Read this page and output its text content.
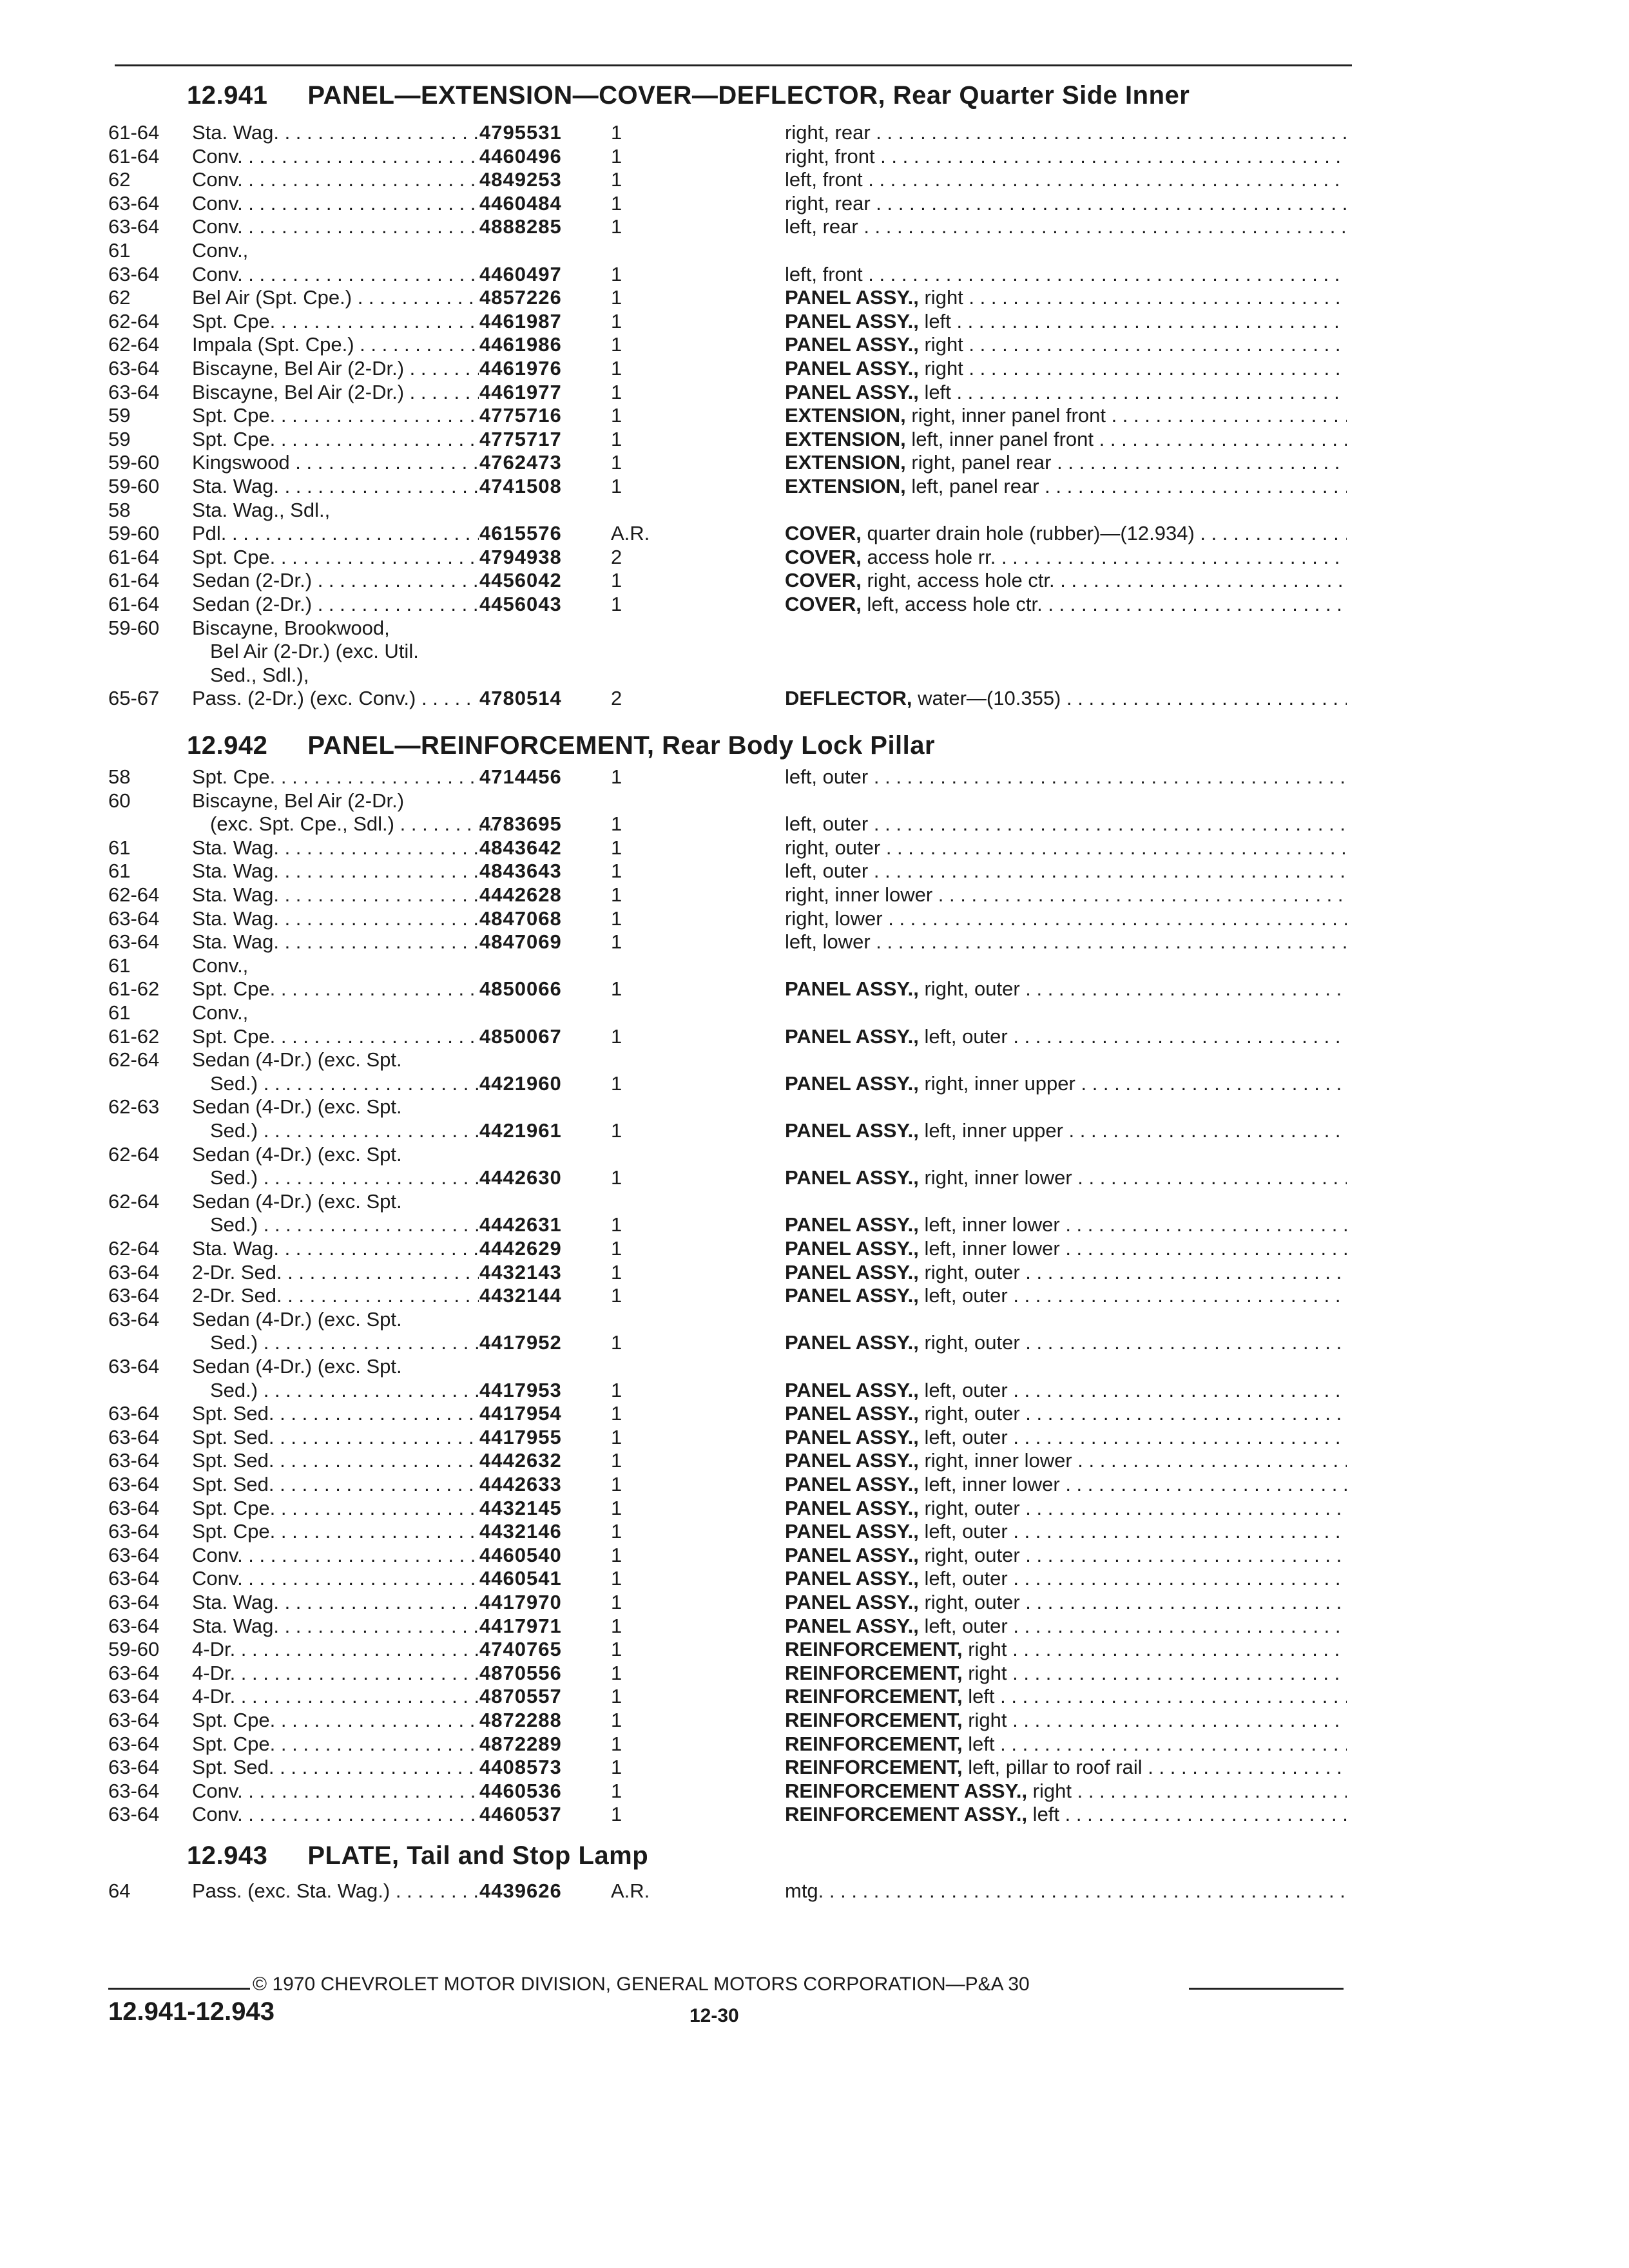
12.941 PANEL—EXTENSION—COVER—DEFLECTOR, Rear Quarter Side Inner
61-64 Sta. Wag. . . .	4795531 1	right, rear . . .
61-64 Conv. . . .	4460496 1	right, front . . .
62	Conv. . . .	4849253 1	left, front . . .
63-64 Conv. . . .	4460484 1	right, rear . . .
63-64 Conv. . . .	4888285 1	left, rear . . .
61	Conv.,
63-64 Conv. . . .	4460497 1	left, front . . .
62	Bel Air (Spt. Cpe.) . . .	4857226 1	PANEL ASSY., right . . .
62-64 Spt. Cpe. . . .	4461987 1	PANEL ASSY., left . . .
62-64 Impala (Spt. Cpe.) . . .	4461986 1	PANEL ASSY., right . . .
63-64 Biscayne, Bel Air (2-Dr.) . . .	4461976 1	PANEL ASSY., right . . .
63-64 Biscayne, Bel Air (2-Dr.) . . .	4461977 1	PANEL ASSY., left . . .
59	Spt. Cpe. . . .	4775716 1	EXTENSION, right, inner panel front . . .
59	Spt. Cpe. . . .	4775717 1	EXTENSION, left, inner panel front . . .
59-60 Kingswood . . .	4762473 1	EXTENSION, right, panel rear . . .
59-60 Sta. Wag. . . .	4741508 1	EXTENSION, left, panel rear . . .
58	Sta. Wag., Sdl.,
59-60 Pdl. . . .	4615576 A.R.	COVER, quarter drain hole (rubber)—(12.934) . . .
61-64 Spt. Cpe. . . .	4794938 2	COVER, access hole rr. . . .
61-64 Sedan (2-Dr.) . . .	4456042 1	COVER, right, access hole ctr. . . .
61-64 Sedan (2-Dr.) . . .	4456043 1	COVER, left, access hole ctr. . . .
59-60 Biscayne, Brookwood,
Bel Air (2-Dr.) (exc. Util.
Sed., Sdl.),
65-67 Pass. (2-Dr.) (exc. Conv.) . . .	4780514 2	DEFLECTOR, water—(10.355) . . .
12.942 PANEL—REINFORCEMENT, Rear Body Lock Pillar
58	Spt. Cpe. . . .	4714456 1	left, outer . . .
60	Biscayne, Bel Air (2-Dr.)
(exc. Spt. Cpe., Sdl.) . . .	4783695 1	left, outer . . .
61	Sta. Wag. . . .	4843642 1	right, outer . . .
61	Sta. Wag. . . .	4843643 1	left, outer . . .
62-64 Sta. Wag. . . .	4442628 1	right, inner lower . . .
63-64 Sta. Wag. . . .	4847068 1	right, lower . . .
63-64 Sta. Wag. . . .	4847069 1	left, lower . . .
61	Conv.,
61-62 Spt. Cpe. . . .	4850066 1	PANEL ASSY., right, outer . . .
61	Conv.,
61-62 Spt. Cpe. . . .	4850067 1	PANEL ASSY., left, outer . . .
62-64 Sedan (4-Dr.) (exc. Spt.
Sed.) . . .	4421960 1	PANEL ASSY., right, inner upper . . .
62-63 Sedan (4-Dr.) (exc. Spt.
Sed.) . . .	4421961 1	PANEL ASSY., left, inner upper . . .
62-64 Sedan (4-Dr.) (exc. Spt.
Sed.) . . .	4442630 1	PANEL ASSY., right, inner lower . . .
62-64 Sedan (4-Dr.) (exc. Spt.
Sed.) . . .	4442631 1	PANEL ASSY., left, inner lower . . .
62-64 Sta. Wag. . . .	4442629 1	PANEL ASSY., left, inner lower . . .
63-64 2-Dr. Sed. . . .	4432143 1	PANEL ASSY., right, outer . . .
63-64 2-Dr. Sed. . . .	4432144 1	PANEL ASSY., left, outer . . .
63-64 Sedan (4-Dr.) (exc. Spt.
Sed.) . . .	4417952 1	PANEL ASSY., right, outer . . .
63-64 Sedan (4-Dr.) (exc. Spt.
Sed.) . . .	4417953 1	PANEL ASSY., left, outer . . .
63-64 Spt. Sed. . . .	4417954 1	PANEL ASSY., right, outer . . .
63-64 Spt. Sed. . . .	4417955 1	PANEL ASSY., left, outer . . .
63-64 Spt. Sed. . . .	4442632 1	PANEL ASSY., right, inner lower . . .
63-64 Spt. Sed. . . .	4442633 1	PANEL ASSY., left, inner lower . . .
63-64 Spt. Cpe. . . .	4432145 1	PANEL ASSY., right, outer . . .
63-64 Spt. Cpe. . . .	4432146 1	PANEL ASSY., left, outer . . .
63-64 Conv. . . .	4460540 1	PANEL ASSY., right, outer . . .
63-64 Conv. . . .	4460541 1	PANEL ASSY., left, outer . . .
63-64 Sta. Wag. . . .	4417970 1	PANEL ASSY., right, outer . . .
63-64 Sta. Wag. . . .	4417971 1	PANEL ASSY., left, outer . . .
59-60 4-Dr. . . .	4740765 1	REINFORCEMENT, right . . .
63-64 4-Dr. . . .	4870556 1	REINFORCEMENT, right . . .
63-64 4-Dr. . . .	4870557 1	REINFORCEMENT, left . . .
63-64 Spt. Cpe. . . .	4872288 1	REINFORCEMENT, right . . .
63-64 Spt. Cpe. . . .	4872289 1	REINFORCEMENT, left . . .
63-64 Spt. Sed. . . .	4408573 1	REINFORCEMENT, left, pillar to roof rail . . .
63-64 Conv. . . .	4460536 1	REINFORCEMENT ASSY., right . . .
63-64 Conv. . . .	4460537 1	REINFORCEMENT ASSY., left . . .
12.943 PLATE, Tail and Stop Lamp
64	Pass. (exc. Sta. Wag.) . . .	4439626 A.R.	mtg. . . .
© 1970 CHEVROLET MOTOR DIVISION, GENERAL MOTORS CORPORATION—P&A 30
12.941-12.943	12-30
